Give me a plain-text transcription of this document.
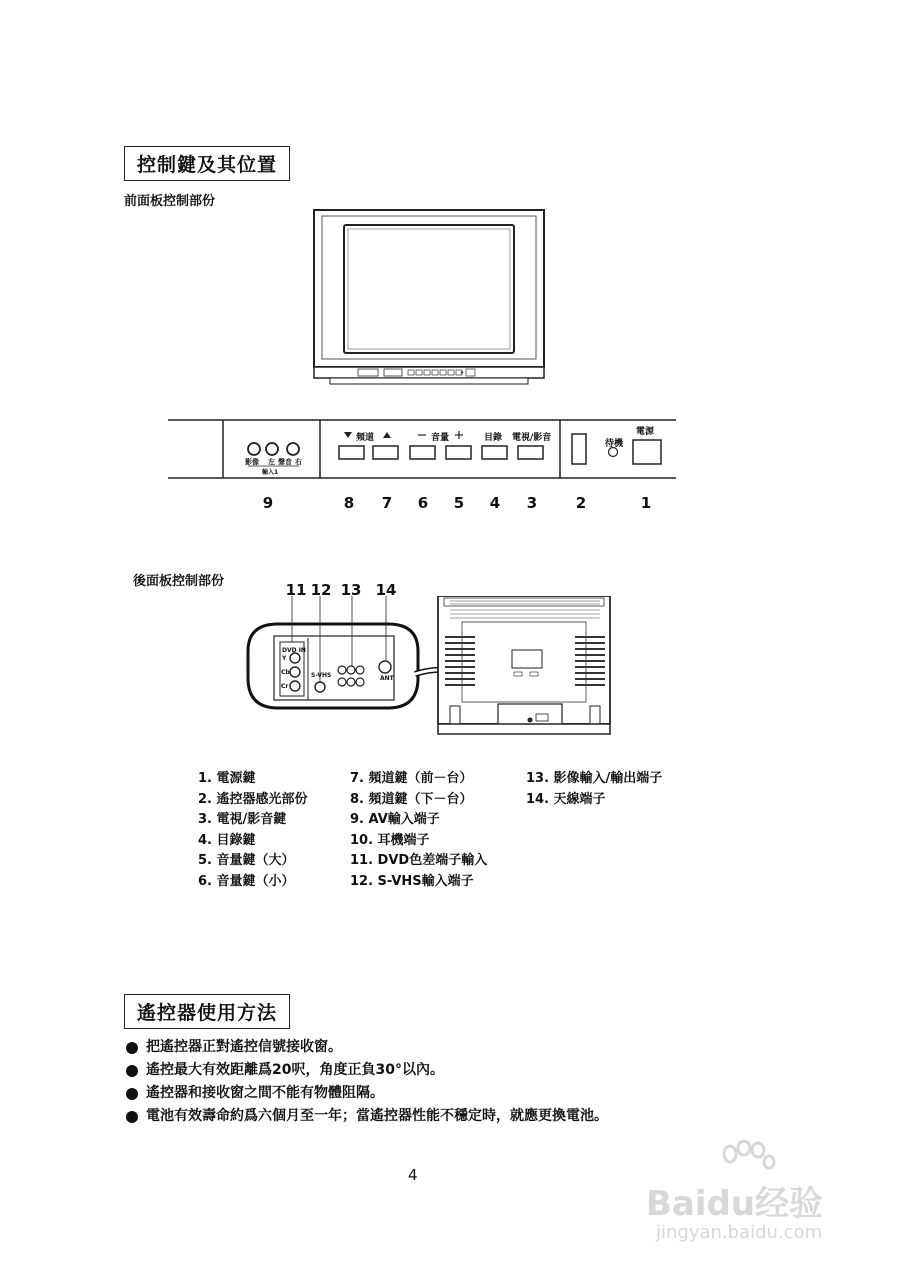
控制鍵及其位置
前面板控制部份
頻道	音量	目錄 電視/影音
待機
電源
影像 左 聲音 右
輸入1
9	8	7	6	5	4	3	2	1
後面板控制部份	11 12 13 14
DVD IN
Y
Cb
Cr
S-VHS	ANT
1. 電源鍵
2. 遙控器感光部份
3. 電視/影音鍵
4. 目錄鍵
5. 音量鍵（大）
6. 音量鍵（小）
7. 頻道鍵（前－台）
8. 頻道鍵（下－台）
9. AV輸入端子
10. 耳機端子
11. DVD色差端子輸入
12. S-VHS輸入端子
13. 影像輸入/輸出端子
14. 天線端子
遙控器使用方法
把遙控器正對遙控信號接收窗。
遙控最大有效距離爲20呎，角度正負30°以內。
遙控器和接收窗之間不能有物體阻隔。
電池有效壽命約爲六個月至一年；當遙控器性能不穩定時，就應更換電池。
4
Baidu经验
jingyan.baidu.com
